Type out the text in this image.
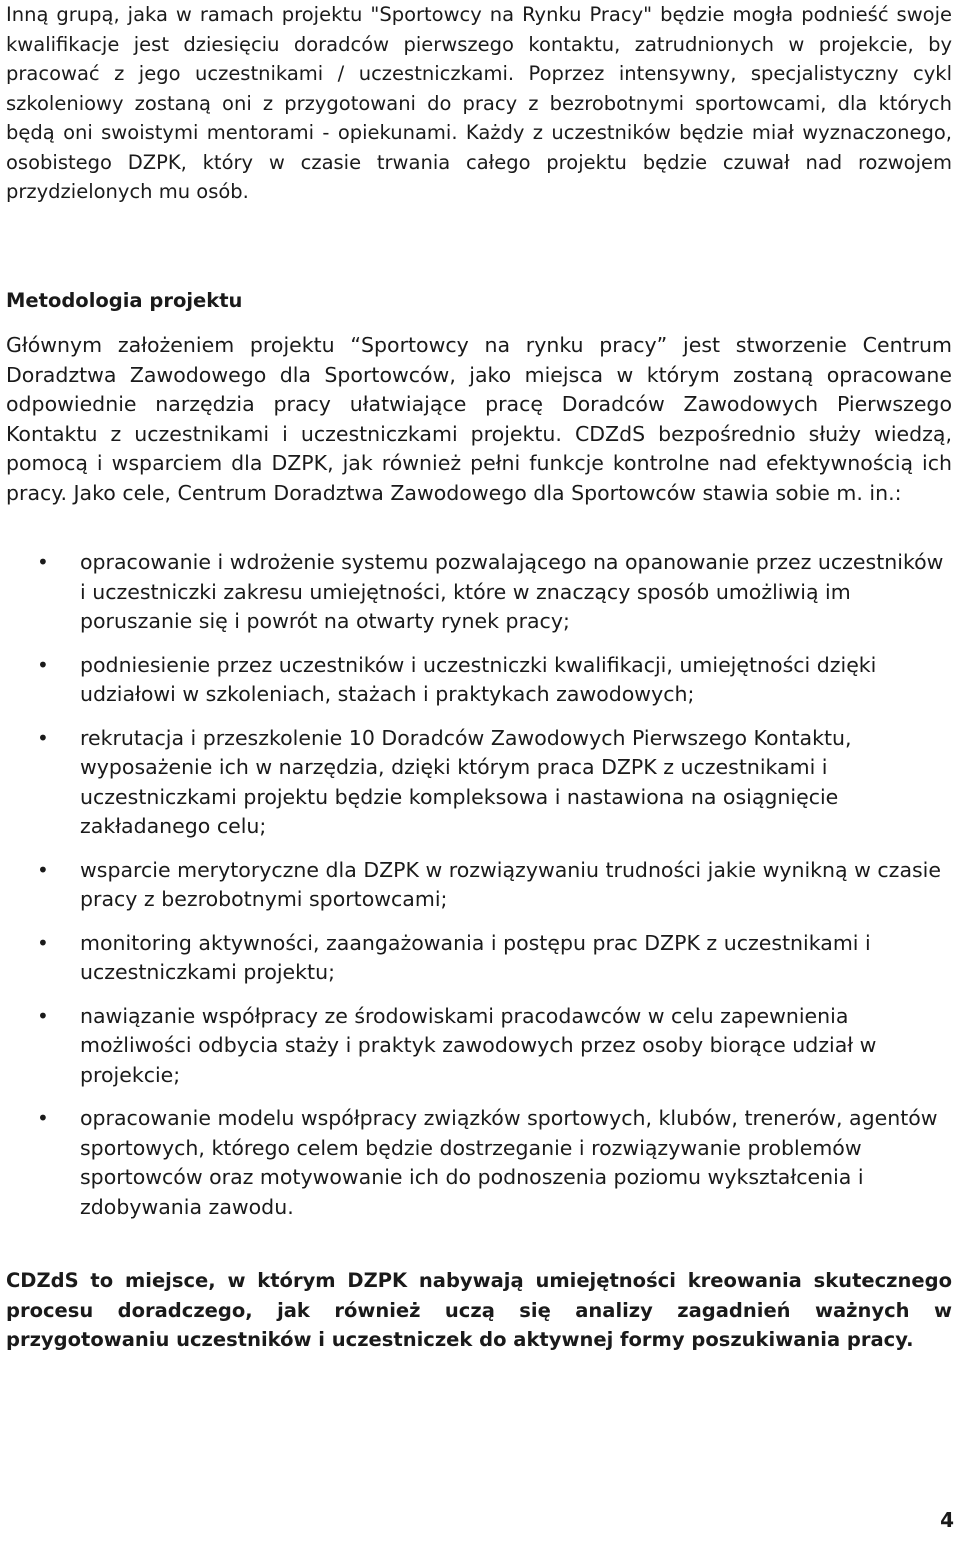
Inną grupą, jaka w ramach projektu "Sportowcy na Rynku Pracy" będzie mogła podnieść swoje kwalifikacje jest dziesięciu doradców pierwszego kontaktu, zatrudnionych w projekcie, by pracować z jego uczestnikami / uczestniczkami. Poprzez intensywny, specjalistyczny cykl szkoleniowy zostaną oni z przygotowani do pracy z bezrobotnymi sportowcami, dla których będą oni swoistymi mentorami - opiekunami. Każdy z uczestników będzie miał wyznaczonego, osobistego DZPK, który w czasie trwania całego projektu będzie czuwał nad rozwojem przydzielonych mu osób.

Metodologia projektu

Głównym założeniem projektu “Sportowcy na rynku pracy” jest stworzenie Centrum Doradztwa Zawodowego dla Sportowców, jako miejsca w którym zostaną opracowane odpowiednie narzędzia pracy ułatwiające pracę Doradców Zawodowych Pierwszego Kontaktu z uczestnikami i uczestniczkami projektu. CDZdS bezpośrednio służy wiedzą, pomocą i wsparciem dla DZPK, jak również pełni funkcje kontrolne nad efektywnością ich pracy. Jako cele, Centrum Doradztwa Zawodowego dla Sportowców stawia sobie m. in.:

• opracowanie i wdrożenie systemu pozwalającego na opanowanie przez uczestników i uczestniczki zakresu umiejętności, które w znaczący sposób umożliwią im poruszanie się i powrót na otwarty rynek pracy;
• podniesienie przez uczestników i uczestniczki kwalifikacji, umiejętności dzięki udziałowi w szkoleniach, stażach i praktykach zawodowych;
• rekrutacja i przeszkolenie 10 Doradców Zawodowych Pierwszego Kontaktu, wyposażenie ich w narzędzia, dzięki którym praca DZPK z uczestnikami i uczestniczkami projektu będzie kompleksowa i nastawiona na osiągnięcie zakładanego celu;
• wsparcie merytoryczne dla DZPK w rozwiązywaniu trudności jakie wynikną w czasie pracy z bezrobotnymi sportowcami;
• monitoring aktywności, zaangażowania i postępu prac DZPK z uczestnikami i uczestniczkami projektu;
• nawiązanie współpracy ze środowiskami pracodawców w celu zapewnienia możliwości odbycia staży i praktyk zawodowych przez osoby biorące udział w projekcie;
• opracowanie modelu współpracy związków sportowych, klubów, trenerów, agentów sportowych, którego celem będzie dostrzeganie i rozwiązywanie problemów sportowców oraz motywowanie ich do podnoszenia poziomu wykształcenia i zdobywania zawodu.

CDZdS to miejsce, w którym DZPK nabywają umiejętności kreowania skutecznego procesu doradczego, jak również uczą się analizy zagadnień ważnych w przygotowaniu uczestników i uczestniczek do aktywnej formy poszukiwania pracy.

4
